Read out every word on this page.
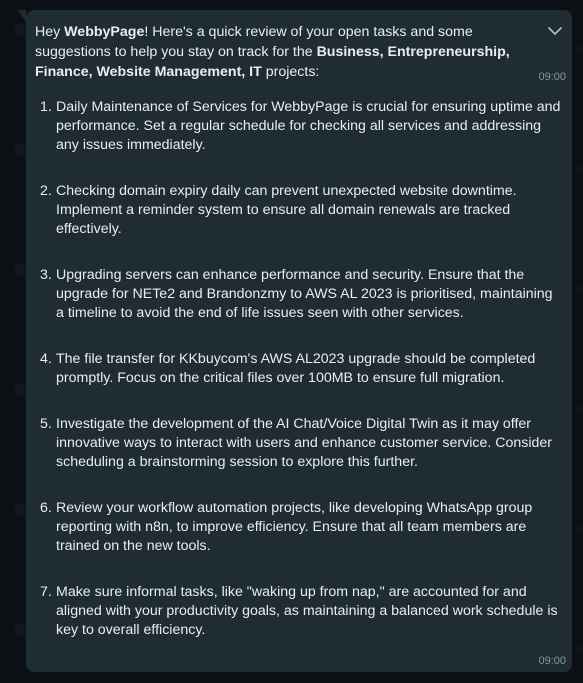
Hey WebbyPage! Here's a quick review of your open tasks and some suggestions to help you stay on track for the Business, Entrepreneurship, Finance, Website Management, IT projects:	09:00
1. Daily Maintenance of Services for WebbyPage is crucial for ensuring uptime and performance. Set a regular schedule for checking all services and addressing any issues immediately.
2. Checking domain expiry daily can prevent unexpected website downtime. Implement a reminder system to ensure all domain renewals are tracked effectively.
3. Upgrading servers can enhance performance and security. Ensure that the upgrade for NETe2 and Brandonzmy to AWS AL 2023 is prioritised, maintaining a timeline to avoid the end of life issues seen with other services.
4. The file transfer for KKbuycom's AWS AL2023 upgrade should be completed promptly. Focus on the critical files over 100MB to ensure full migration.
5. Investigate the development of the AI Chat/Voice Digital Twin as it may offer innovative ways to interact with users and enhance customer service. Consider scheduling a brainstorming session to explore this further.
6. Review your workflow automation projects, like developing WhatsApp group reporting with n8n, to improve efficiency. Ensure that all team members are trained on the new tools.
7. Make sure informal tasks, like "waking up from nap," are accounted for and aligned with your productivity goals, as maintaining a balanced work schedule is key to overall efficiency.
09:00
